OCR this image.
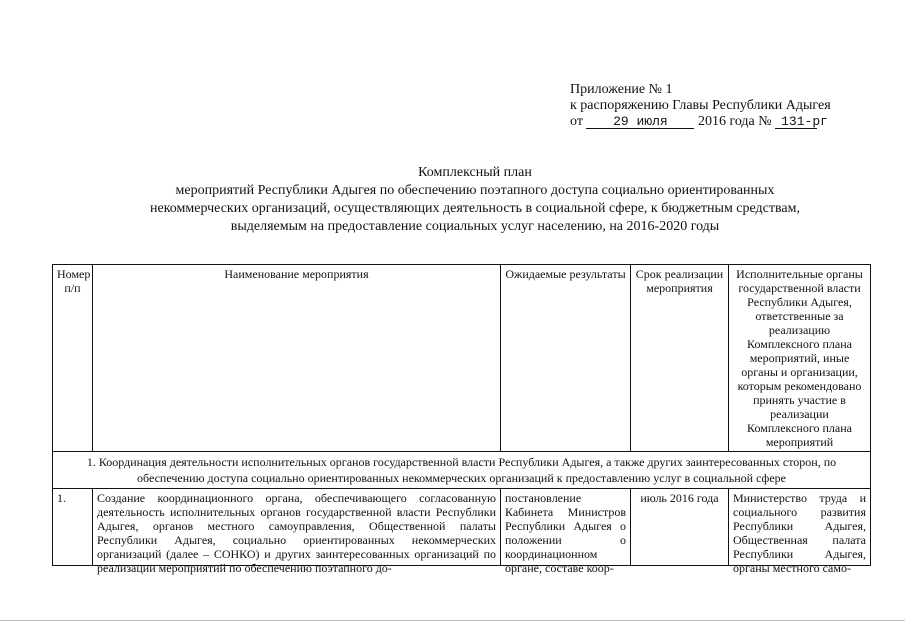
Приложение № 1
к распоряжению Главы Республики Адыгея
от 29 июля 2016 года № 131-рг
Комплексный план
мероприятий Республики Адыгея по обеспечению поэтапного доступа социально ориентированных
некоммерческих организаций, осуществляющих деятельность в социальной сфере, к бюджетным средствам,
выделяемым на предоставление социальных услуг населению, на 2016-2020 годы
Номер п/п	Наименование мероприятия	Ожидаемые результаты	Срок реализации мероприятия	Исполнительные органы государственной власти Республики Адыгея, ответственные за реализацию Комплексного плана мероприятий, иные органы и организации, которым рекомендовано принять участие в реализации Комплексного плана мероприятий
1. Координация деятельности исполнительных органов государственной власти Республики Адыгея, а также других заинтересованных сторон, по обеспечению доступа социально ориентированных некоммерческих организаций к предоставлению услуг в социальной сфере				
1.	Создание координационного органа, обеспечивающего согласованную деятельность исполнительных органов государственной власти Республики Адыгея, органов местного самоуправления, Общественной палаты Республики Адыгея, социально ориентированных некоммерческих организаций (далее – СОНКО) и других заинтересованных организаций по реализации мероприятий по обеспечению поэтапного до-	постановление Кабинета Министров Республики Адыгея о положении о координационном органе, составе коор-	июль 2016 года	Министерство труда и социального развития Республики Адыгея, Общественная палата Республики Адыгея, органы местного само-
